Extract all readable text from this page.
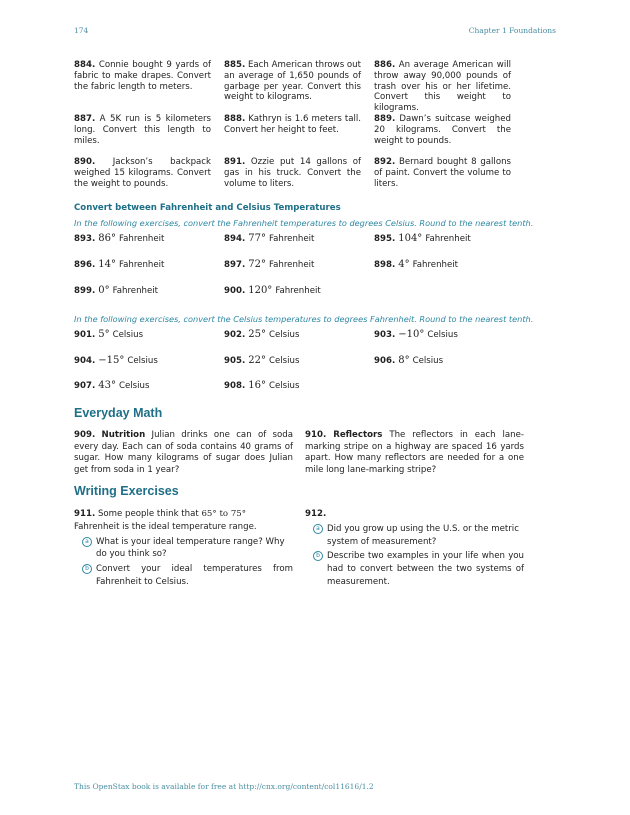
174	Chapter 1 Foundations
884. Connie bought 9 yards of fabric to make drapes. Convert the fabric length to meters.
885. Each American throws out an average of 1,650 pounds of garbage per year. Convert this weight to kilograms.
886. An average American will throw away 90,000 pounds of trash over his or her lifetime. Convert this weight to kilograms.
887. A 5K run is 5 kilometers long. Convert this length to miles.
888. Kathryn is 1.6 meters tall. Convert her height to feet.
889. Dawn’s suitcase weighed 20 kilograms. Convert the weight to pounds.
890. Jackson’s backpack weighed 15 kilograms. Convert the weight to pounds.
891. Ozzie put 14 gallons of gas in his truck. Convert the volume to liters.
892. Bernard bought 8 gallons of paint. Convert the volume to liters.
Convert between Fahrenheit and Celsius Temperatures
In the following exercises, convert the Fahrenheit temperatures to degrees Celsius. Round to the nearest tenth.
893. 86° Fahrenheit	894. 77° Fahrenheit	895. 104° Fahrenheit
896. 14° Fahrenheit	897. 72° Fahrenheit	898. 4° Fahrenheit
899. 0° Fahrenheit	900. 120° Fahrenheit
In the following exercises, convert the Celsius temperatures to degrees Fahrenheit. Round to the nearest tenth.
901. 5° Celsius	902. 25° Celsius	903. −10° Celsius
904. −15° Celsius	905. 22° Celsius	906. 8° Celsius
907. 43° Celsius	908. 16° Celsius
Everyday Math
909. Nutrition Julian drinks one can of soda every day. Each can of soda contains 40 grams of sugar. How many kilograms of sugar does Julian get from soda in 1 year?
910. Reflectors The reflectors in each lane-marking stripe on a highway are spaced 16 yards apart. How many reflectors are needed for a one mile long lane-marking stripe?
Writing Exercises
911. Some people think that 65° to 75° Fahrenheit is the ideal temperature range.
a What is your ideal temperature range? Why do you think so?
b Convert your ideal temperatures from Fahrenheit to Celsius.
912.
a Did you grow up using the U.S. or the metric system of measurement?
b Describe two examples in your life when you had to convert between the two systems of measurement.
This OpenStax book is available for free at http://cnx.org/content/col11616/1.2
